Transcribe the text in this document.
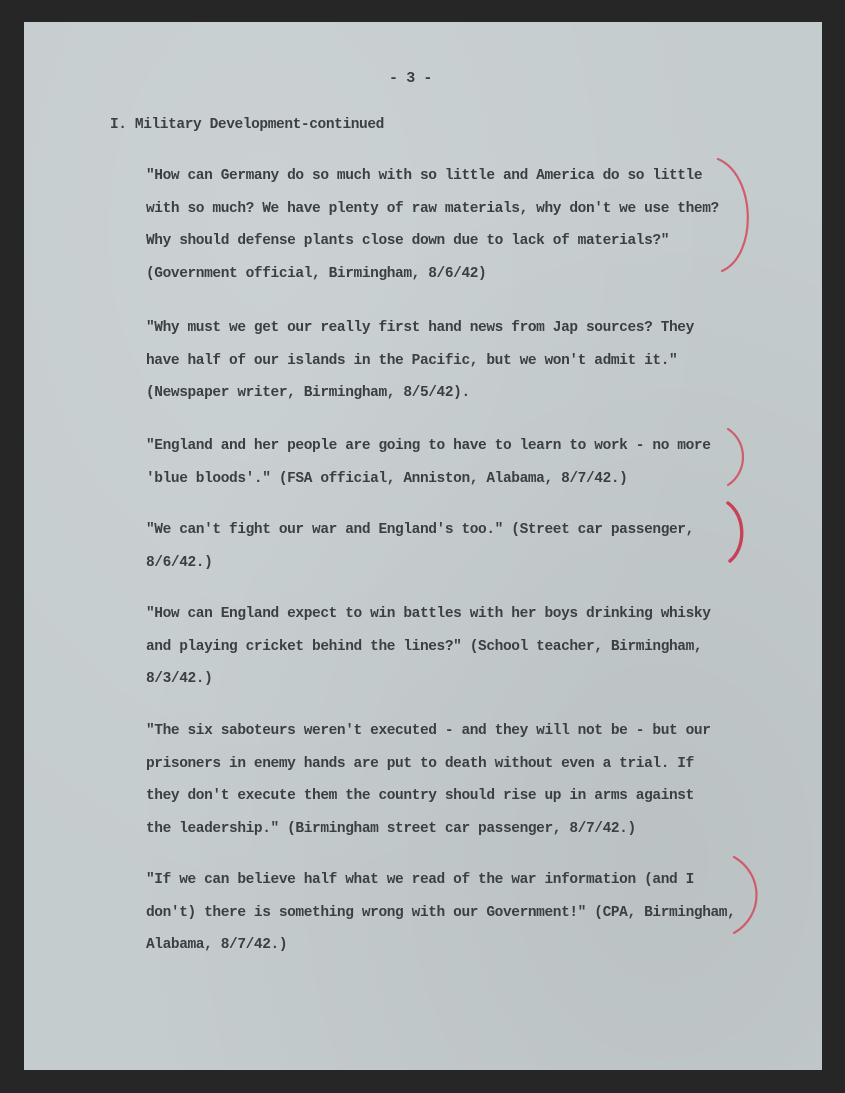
- 3 -

I. Military Development-continued

"How can Germany do so much with so little and America do so little
with so much? We have plenty of raw materials, why don't we use them?
Why should defense plants close down due to lack of materials?"
(Government official, Birmingham, 8/6/42)
"Why must we get our really first hand news from Jap sources? They
have half of our islands in the Pacific, but we won't admit it."
(Newspaper writer, Birmingham, 8/5/42).
"England and her people are going to have to learn to work - no more
'blue bloods'." (FSA official, Anniston, Alabama, 8/7/42.)
"We can't fight our war and England's too." (Street car passenger,
8/6/42.)
"How can England expect to win battles with her boys drinking whisky
and playing cricket behind the lines?" (School teacher, Birmingham,
8/3/42.)
"The six saboteurs weren't executed - and they will not be - but our
prisoners in enemy hands are put to death without even a trial. If
they don't execute them the country should rise up in arms against
the leadership." (Birmingham street car passenger, 8/7/42.)
"If we can believe half what we read of the war information (and I
don't) there is something wrong with our Government!" (CPA, Birmingham,
Alabama, 8/7/42.)
